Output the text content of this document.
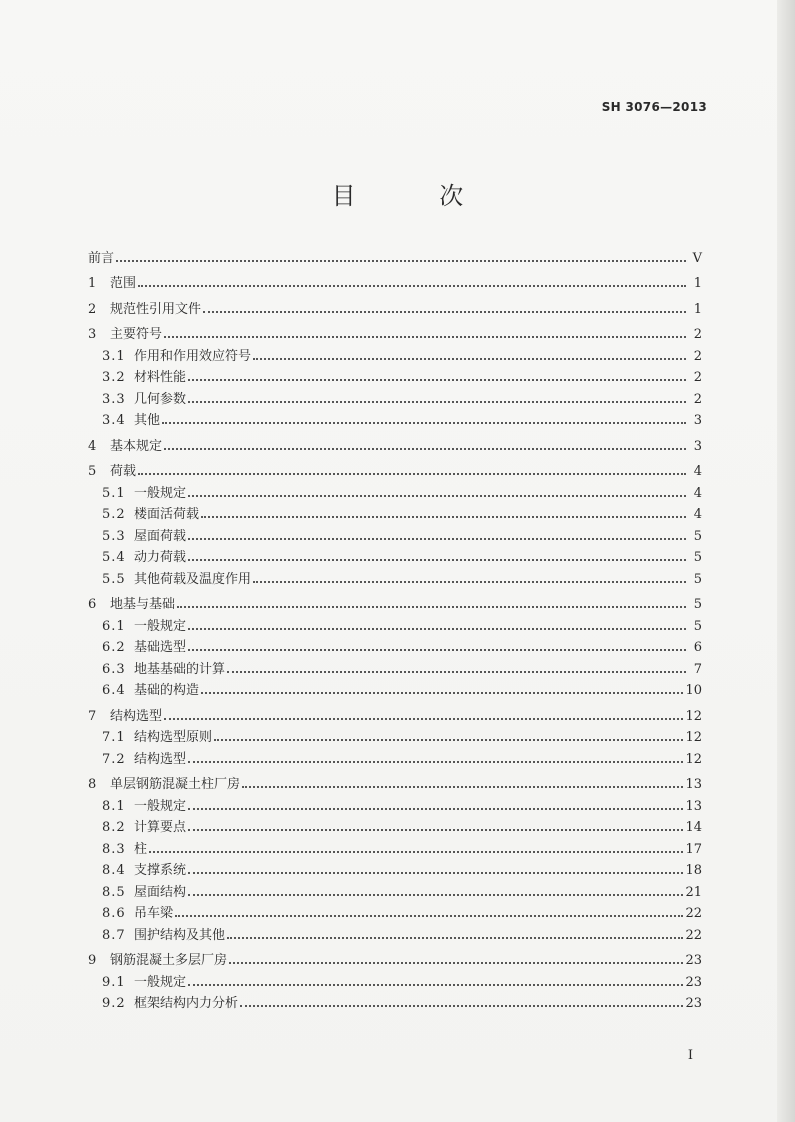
SH 3076—2013
目 次
前言	V
1	范围	1
2	规范性引用文件	1
3	主要符号	2
3.1 作用和作用效应符号	2
3.2 材料性能	2
3.3 几何参数	2
3.4 其他	3
4	基本规定	3
5	荷载	4
5.1 一般规定	4
5.2 楼面活荷载	4
5.3 屋面荷载	5
5.4 动力荷载	5
5.5 其他荷载及温度作用	5
6	地基与基础	5
6.1 一般规定	5
6.2 基础选型	6
6.3 地基基础的计算	7
6.4 基础的构造	10
7	结构选型	12
7.1 结构选型原则	12
7.2 结构选型	12
8	单层钢筋混凝土柱厂房	13
8.1 一般规定	13
8.2 计算要点	14
8.3 柱	17
8.4 支撑系统	18
8.5 屋面结构	21
8.6 吊车梁	22
8.7 围护结构及其他	22
9	钢筋混凝土多层厂房	23
9.1 一般规定	23
9.2 框架结构内力分析	23
I
